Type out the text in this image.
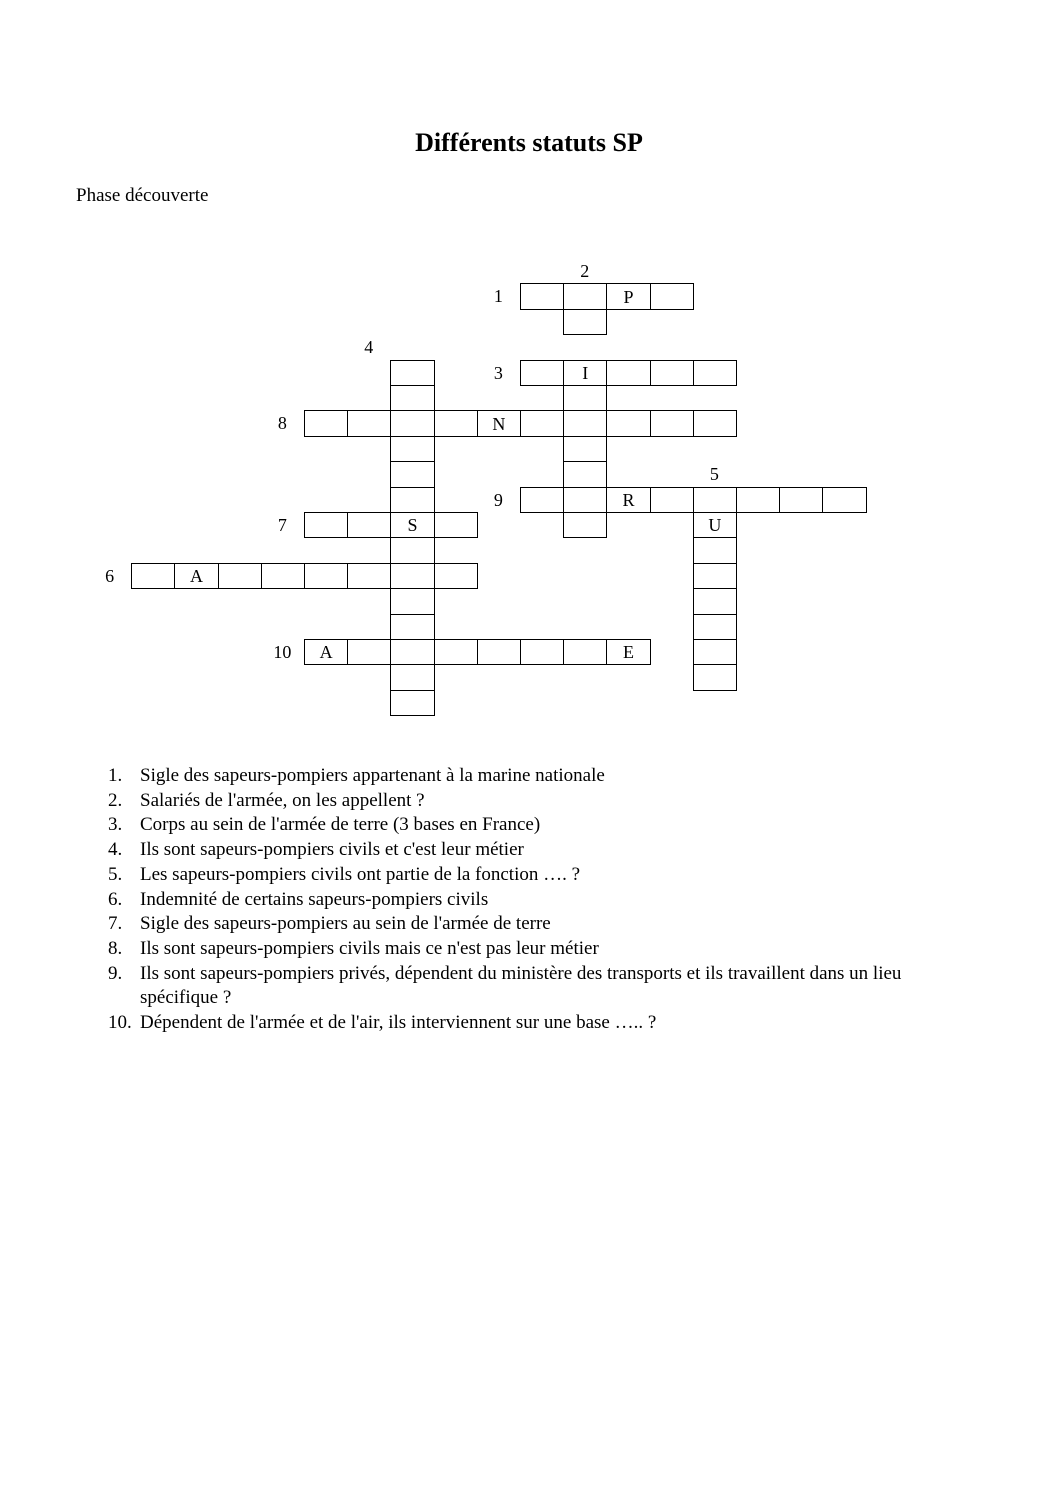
Différents statuts SP

Phase découverte

P
I
N
R
S	U
A
A	E
2
1
4
3
8
5
9
7
6
10
1. Sigle des sapeurs-pompiers appartenant à la marine nationale
2. Salariés de l'armée, on les appellent ?
3. Corps au sein de l'armée de terre (3 bases en France)
4. Ils sont sapeurs-pompiers civils et c'est leur métier
5. Les sapeurs-pompiers civils ont partie de la fonction …. ?
6. Indemnité de certains sapeurs-pompiers civils
7. Sigle des sapeurs-pompiers au sein de l'armée de terre
8. Ils sont sapeurs-pompiers civils mais ce n'est pas leur métier
9. Ils sont sapeurs-pompiers privés, dépendent du ministère des transports et ils travaillent dans un lieu spécifique ?
10. Dépendent de l'armée et de l'air, ils interviennent sur une base ….. ?
